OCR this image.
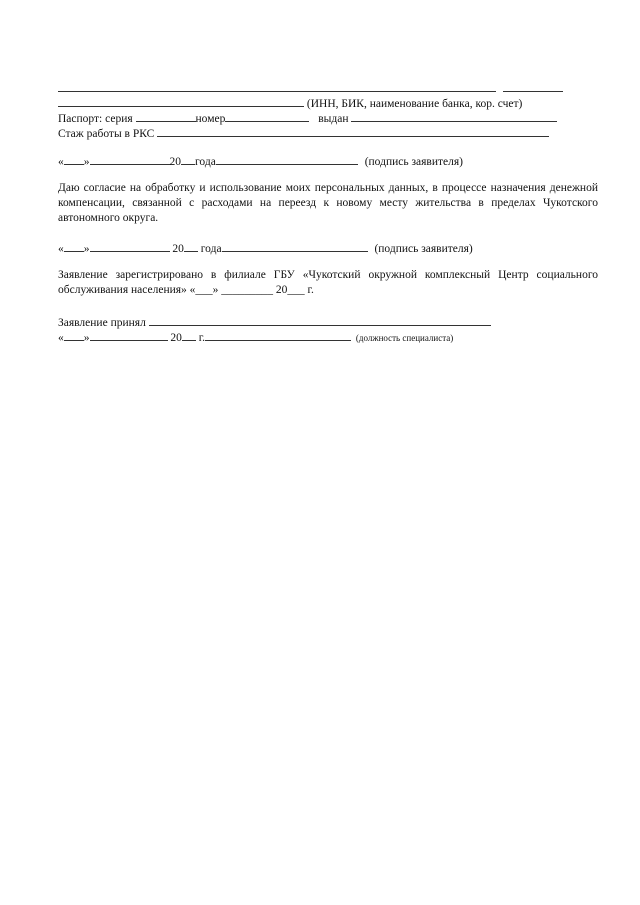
(ИНН, БИК, наименование банка, кор. счет)
Паспорт: серия	номер	выдан
Стаж работы в РКС
« »	20 года	(подпись заявителя)
Даю согласие на обработку и использование моих персональных данных, в процессе назначения денежной компенсации, связанной с расходами на переезд к новому месту жительства в пределах Чукотского автономного округа.
« »	20 года	(подпись заявителя)
Заявление зарегистрировано в филиале ГБУ «Чукотский окружной комплексный Центр социального обслуживания населения» «___» _________ 20___ г.
Заявление принял
« »	20 г.	(должность специалиста)
